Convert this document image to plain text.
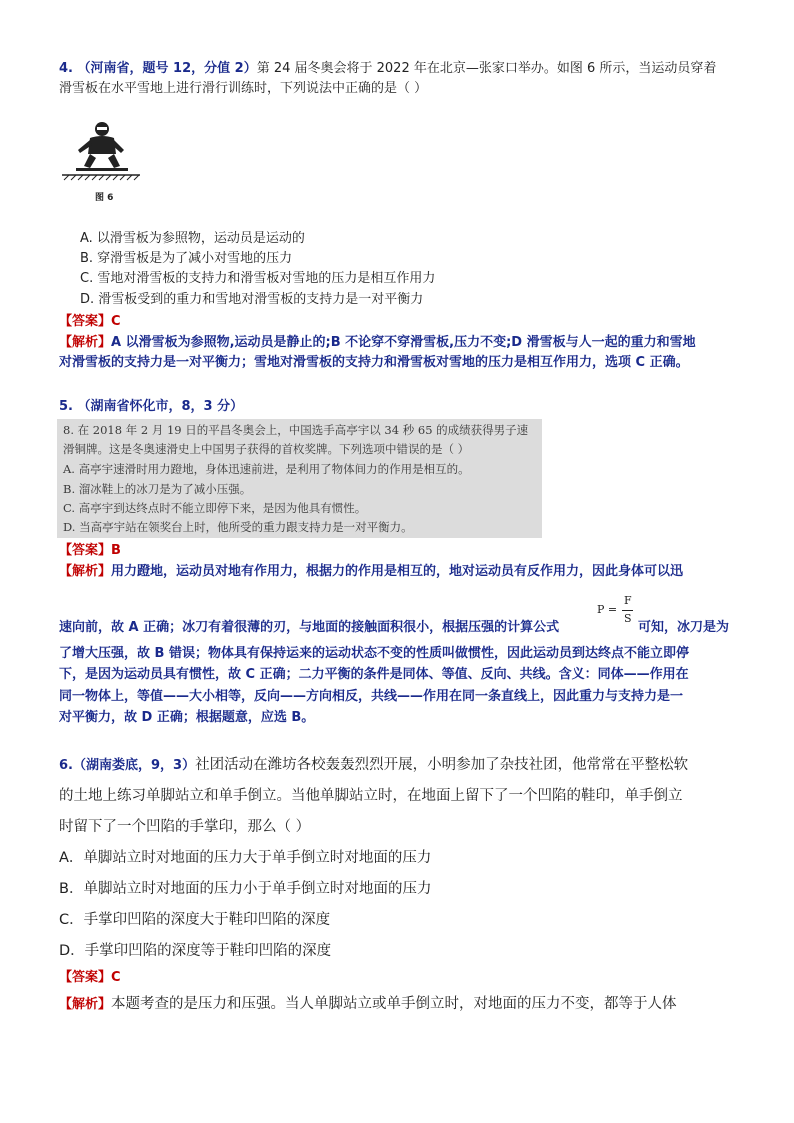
4. （河南省，题号 12，分值 2）第 24 届冬奥会将于 2022 年在北京—张家口举办。如图 6 所示，当运动员穿着
滑雪板在水平雪地上进行滑行训练时，下列说法中正确的是（ ）
图 6
A. 以滑雪板为参照物，运动员是运动的
B. 穿滑雪板是为了减小对雪地的压力
C. 雪地对滑雪板的支持力和滑雪板对雪地的压力是相互作用力
D. 滑雪板受到的重力和雪地对滑雪板的支持力是一对平衡力
【答案】C
【解析】A 以滑雪板为参照物,运动员是静止的;B 不论穿不穿滑雪板,压力不变;D 滑雪板与人一起的重力和雪地
对滑雪板的支持力是一对平衡力；雪地对滑雪板的支持力和滑雪板对雪地的压力是相互作用力，选项 C 正确。
5. （湖南省怀化市，8，3 分）
8. 在 2018 年 2 月 19 日的平昌冬奥会上，中国选手高亭宇以 34 秒 65 的成绩获得男子速
滑铜牌。这是冬奥速滑史上中国男子获得的首枚奖牌。下列选项中错误的是（ ）
A. 高亭宇速滑时用力蹬地，身体迅速前进，是利用了物体间力的作用是相互的。
B. 溜冰鞋上的冰刀是为了减小压强。
C. 高亭宇到达终点时不能立即停下来，是因为他具有惯性。
D. 当高亭宇站在领奖台上时，他所受的重力跟支持力是一对平衡力。
【答案】B
【解析】用力蹬地，运动员对地有作用力，根据力的作用是相互的，地对运动员有反作用力，因此身体可以迅
速向前，故 A 正确；冰刀有着很薄的刃，与地面的接触面积很小，根据压强的计算公式
P =
F
S
可知，冰刀是为
了增大压强，故 B 错误；物体具有保持运来的运动状态不变的性质叫做惯性，因此运动员到达终点不能立即停
下，是因为运动员具有惯性，故 C 正确；二力平衡的条件是同体、等值、反向、共线。含义：同体——作用在
同一物体上，等值——大小相等，反向——方向相反，共线——作用在同一条直线上，因此重力与支持力是一
对平衡力，故 D 正确；根据题意，应选 B。
6.（湖南娄底，9，3）社团活动在潍坊各校轰轰烈烈开展，小明参加了杂技社团，他常常在平整松软
的土地上练习单脚站立和单手倒立。当他单脚站立时，在地面上留下了一个凹陷的鞋印，单手倒立
时留下了一个凹陷的手掌印，那么（ ）
A．单脚站立时对地面的压力大于单手倒立时对地面的压力
B．单脚站立时对地面的压力小于单手倒立时对地面的压力
C．手掌印凹陷的深度大于鞋印凹陷的深度
D．手掌印凹陷的深度等于鞋印凹陷的深度
【答案】C
【解析】本题考查的是压力和压强。当人单脚站立或单手倒立时，对地面的压力不变，都等于人体
